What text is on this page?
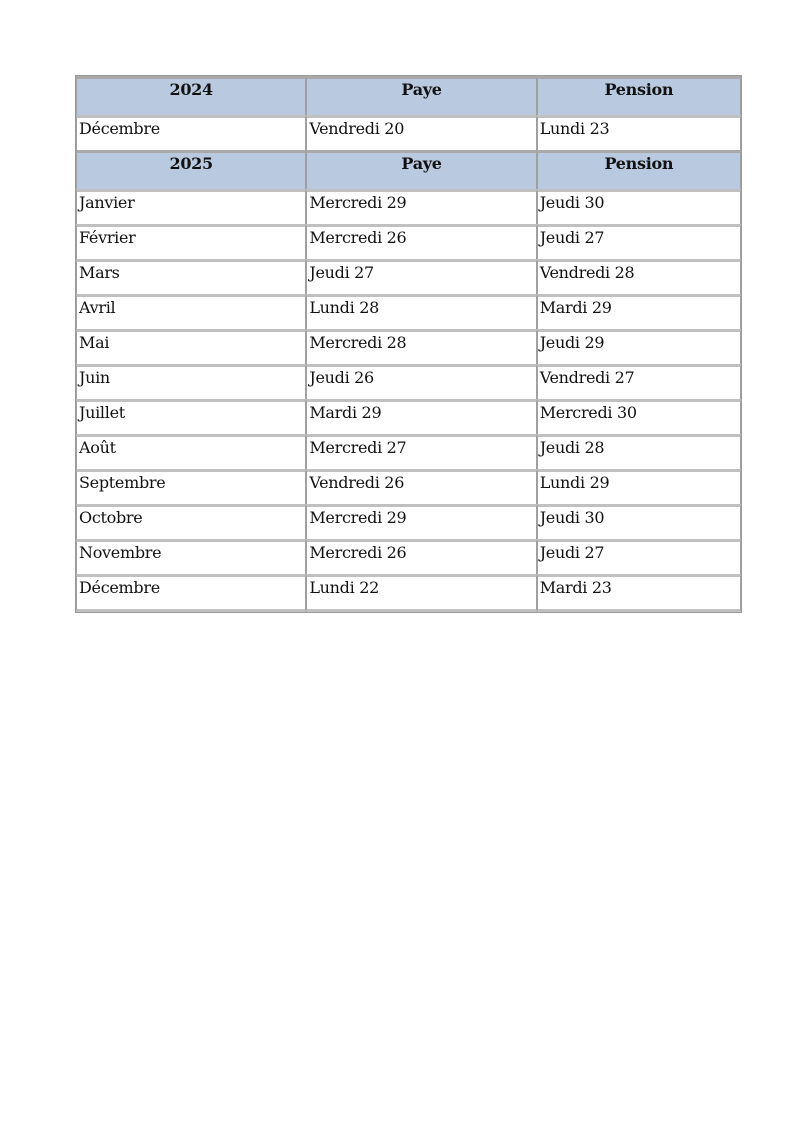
2024	Paye	Pension
Décembre	Vendredi 20	Lundi 23
2025	Paye	Pension
Janvier	Mercredi 29	Jeudi 30
Février	Mercredi 26	Jeudi 27
Mars	Jeudi 27	Vendredi 28
Avril	Lundi 28	Mardi 29
Mai	Mercredi 28	Jeudi 29
Juin	Jeudi 26	Vendredi 27
Juillet	Mardi 29	Mercredi 30
Août	Mercredi 27	Jeudi 28
Septembre	Vendredi 26	Lundi 29
Octobre	Mercredi 29	Jeudi 30
Novembre	Mercredi 26	Jeudi 27
Décembre	Lundi 22	Mardi 23
